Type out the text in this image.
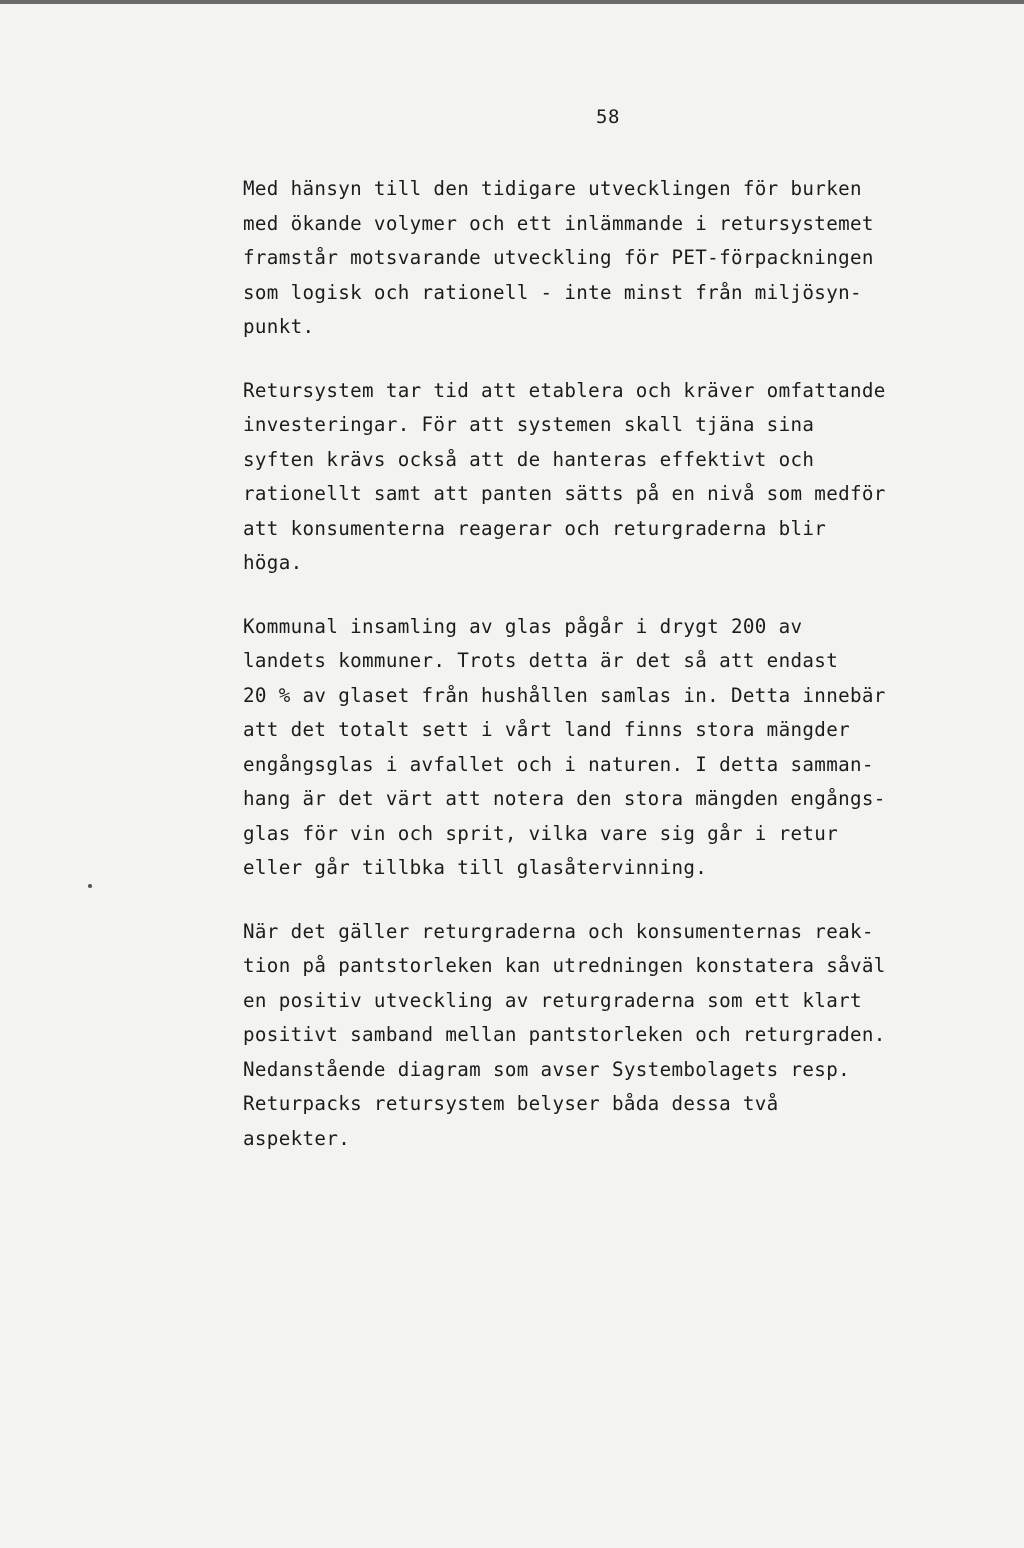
58
Med hänsyn till den tidigare utvecklingen för burken
med ökande volymer och ett inlämmande i retursystemet
framstår motsvarande utveckling för PET-förpackningen
som logisk och rationell - inte minst från miljösyn-
punkt.
Retursystem tar tid att etablera och kräver omfattande
investeringar. För att systemen skall tjäna sina
syften krävs också att de hanteras effektivt och
rationellt samt att panten sätts på en nivå som medför
att konsumenterna reagerar och returgraderna blir
höga.
Kommunal insamling av glas pågår i drygt 200 av
landets kommuner. Trots detta är det så att endast
20 % av glaset från hushållen samlas in. Detta innebär
att det totalt sett i vårt land finns stora mängder
engångsglas i avfallet och i naturen. I detta samman-
hang är det värt att notera den stora mängden engångs-
glas för vin och sprit, vilka vare sig går i retur
eller går tillbka till glasåtervinning.
När det gäller returgraderna och konsumenternas reak-
tion på pantstorleken kan utredningen konstatera såväl
en positiv utveckling av returgraderna som ett klart
positivt samband mellan pantstorleken och returgraden.
Nedanstående diagram som avser Systembolagets resp.
Returpacks retursystem belyser båda dessa två
aspekter.
